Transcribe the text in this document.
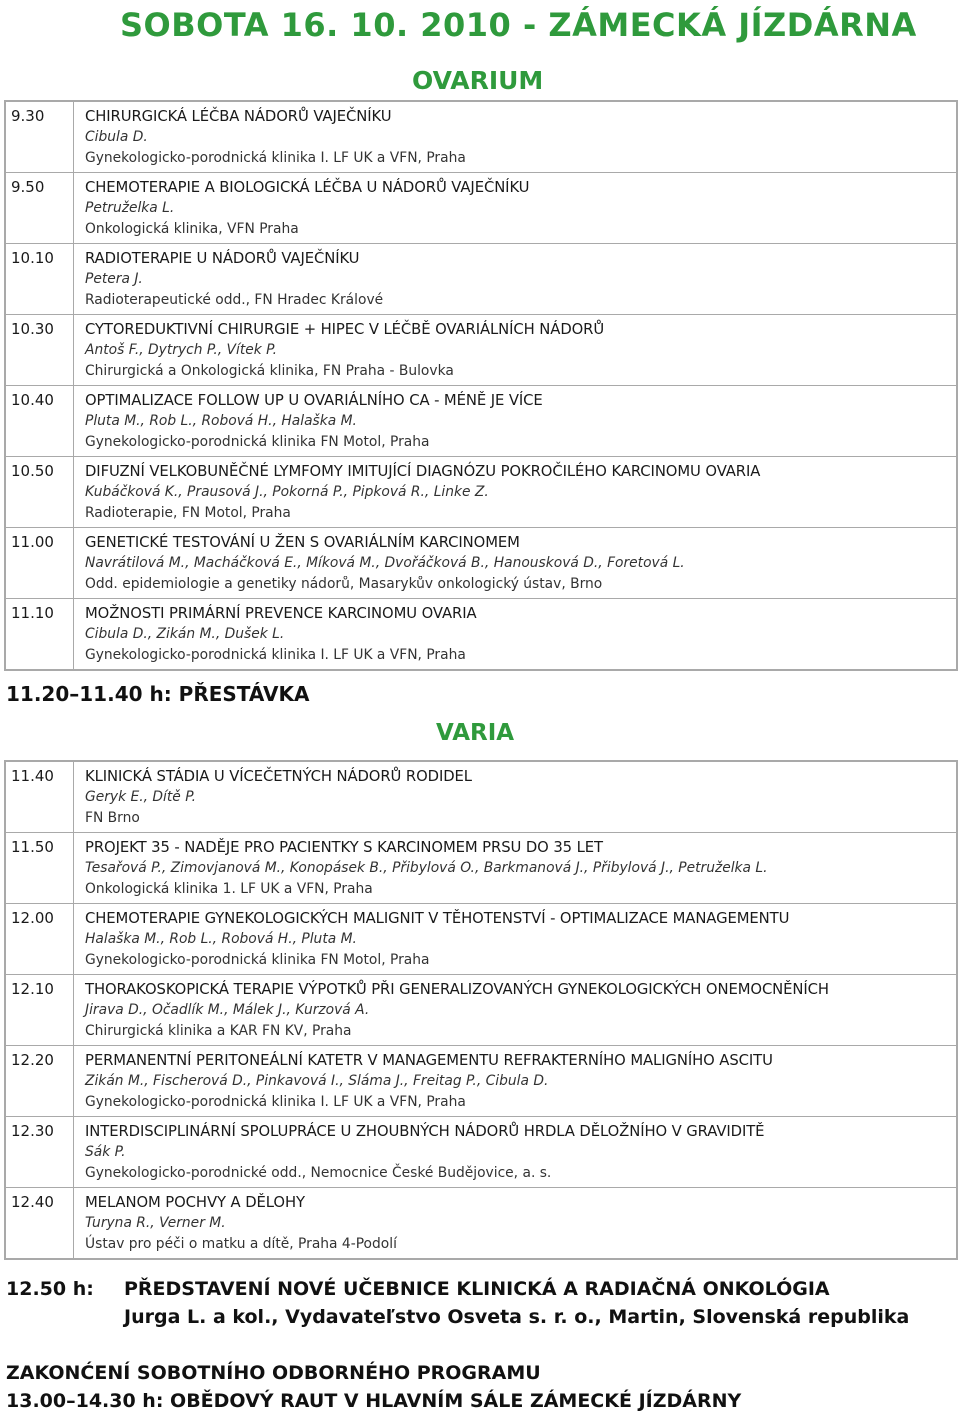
SOBOTA 16. 10. 2010 - ZÁMECKÁ JÍZDÁRNA
OVARIUM
9.30	CHIRURGICKÁ LÉČBA NÁDORŮ VAJEČNÍKU
Cibula D.
Gynekologicko-porodnická klinika I. LF UK a VFN, Praha

9.50	CHEMOTERAPIE A BIOLOGICKÁ LÉČBA U NÁDORŮ VAJEČNÍKU
Petruželka L.
Onkologická klinika, VFN Praha

10.10	RADIOTERAPIE U NÁDORŮ VAJEČNÍKU
Petera J.
Radioterapeutické odd., FN Hradec Králové

10.30	CYTOREDUKTIVNÍ CHIRURGIE + HIPEC V LÉČBĚ OVARIÁLNÍCH NÁDORŮ
Antoš F., Dytrych P., Vítek P.
Chirurgická a Onkologická klinika, FN Praha - Bulovka

10.40	OPTIMALIZACE FOLLOW UP U OVARIÁLNÍHO CA - MÉNĚ JE VÍCE
Pluta M., Rob L., Robová H., Halaška M.
Gynekologicko-porodnická klinika FN Motol, Praha

10.50	DIFUZNÍ VELKOBUNĚČNÉ LYMFOMY IMITUJÍCÍ DIAGNÓZU POKROČILÉHO KARCINOMU OVARIA
Kubáčková K., Prausová J., Pokorná P., Pipková R., Linke Z.
Radioterapie, FN Motol, Praha

11.00	GENETICKÉ TESTOVÁNÍ U ŽEN S OVARIÁLNÍM KARCINOMEM
Navrátilová M., Macháčková E., Míková M., Dvořáčková B., Hanousková D., Foretová L.
Odd. epidemiologie a genetiky nádorů, Masarykův onkologický ústav, Brno

11.10	MOŽNOSTI PRIMÁRNÍ PREVENCE KARCINOMU OVARIA
Cibula D., Zikán M., Dušek L.
Gynekologicko-porodnická klinika I. LF UK a VFN, Praha

11.20–11.40 h: PŘESTÁVKA

VARIA
11.40	KLINICKÁ STÁDIA U VÍCEČETNÝCH NÁDORŮ RODIDEL
Geryk E., Dítě P.
FN Brno

11.50	PROJEKT 35 - NADĚJE PRO PACIENTKY S KARCINOMEM PRSU DO 35 LET
Tesařová P., Zimovjanová M., Konopásek B., Přibylová O., Barkmanová J., Přibylová J., Petruželka L.
Onkologická klinika 1. LF UK a VFN, Praha

12.00	CHEMOTERAPIE GYNEKOLOGICKÝCH MALIGNIT V TĚHOTENSTVÍ - OPTIMALIZACE MANAGEMENTU
Halaška M., Rob L., Robová H., Pluta M.
Gynekologicko-porodnická klinika FN Motol, Praha

12.10	THORAKOSKOPICKÁ TERAPIE VÝPOTKŮ PŘI GENERALIZOVANÝCH GYNEKOLOGICKÝCH ONEMOCNĚNÍCH
Jirava D., Očadlík M., Málek J., Kurzová A.
Chirurgická klinika a KAR FN KV, Praha

12.20	PERMANENTNÍ PERITONEÁLNÍ KATETR V MANAGEMENTU REFRAKTERNÍHO MALIGNÍHO ASCITU
Zikán M., Fischerová D., Pinkavová I., Sláma J., Freitag P., Cibula D.
Gynekologicko-porodnická klinika I. LF UK a VFN, Praha

12.30	INTERDISCIPLINÁRNÍ SPOLUPRÁCE U ZHOUBNÝCH NÁDORŮ HRDLA DĚLOŽNÍHO V GRAVIDITĚ
Sák P.
Gynekologicko-porodnické odd., Nemocnice České Budějovice, a. s.

12.40	MELANOM POCHVY A DĚLOHY
Turyna R., Verner M.
Ústav pro péči o matku a dítě, Praha 4-Podolí

12.50 h: PŘEDSTAVENÍ NOVÉ UČEBNICE KLINICKÁ A RADIAČNÁ ONKOLÓGIA

Jurga L. a kol., Vydavateľstvo Osveta s. r. o., Martin, Slovenská republika

ZAKONĆENÍ SOBOTNÍHO ODBORNÉHO PROGRAMU

13.00–14.30 h: OBĚDOVÝ RAUT V HLAVNÍM SÁLE ZÁMECKÉ JÍZDÁRNY
